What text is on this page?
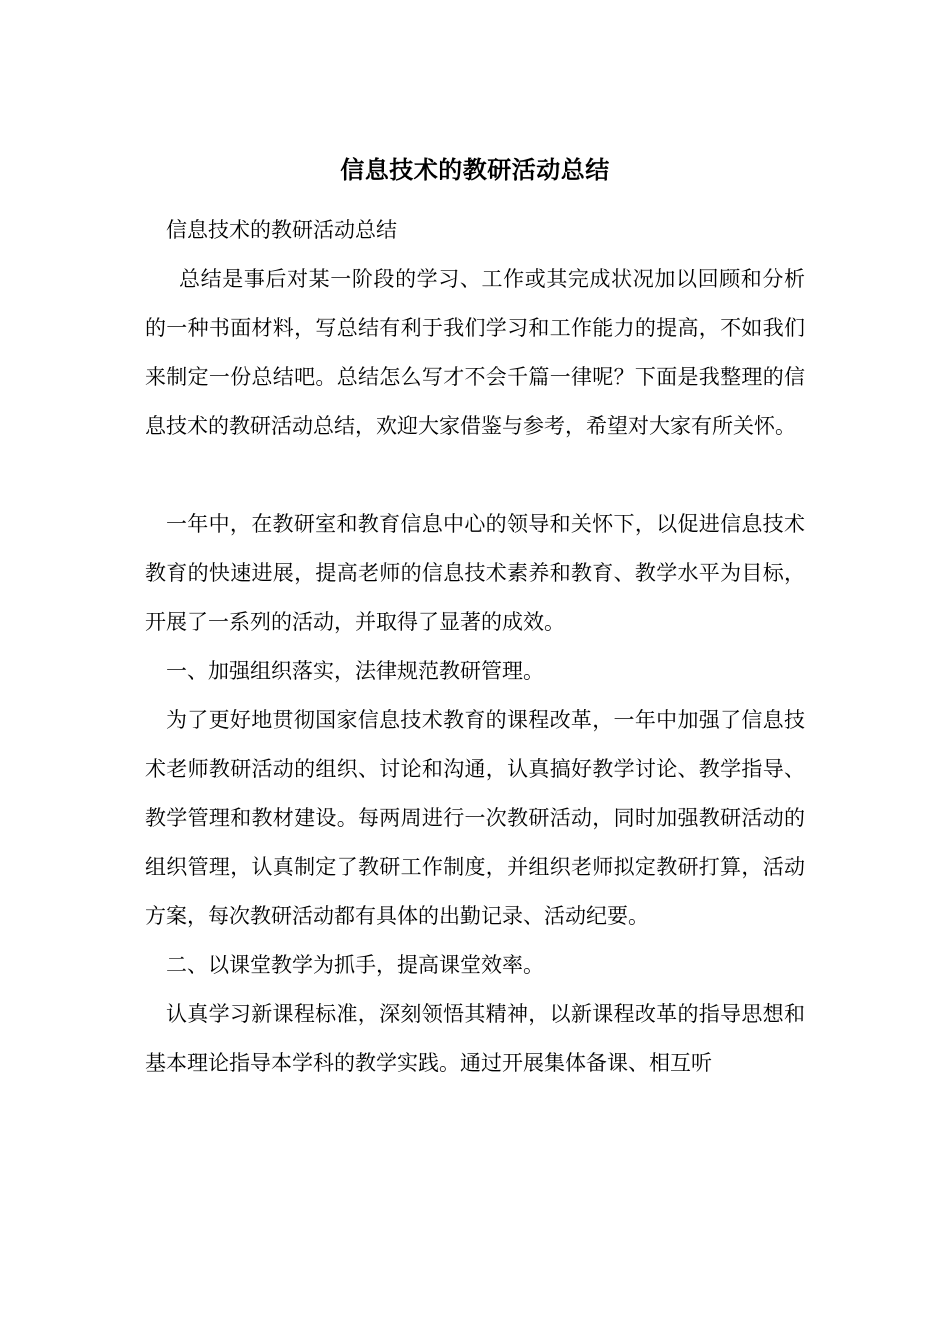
信息技术的教研活动总结

信息技术的教研活动总结

总结是事后对某一阶段的学习、工作或其完成状况加以回顾和分析的一种书面材料，写总结有利于我们学习和工作能力的提高，不如我们来制定一份总结吧。总结怎么写才不会千篇一律呢？下面是我整理的信息技术的教研活动总结，欢迎大家借鉴与参考，希望对大家有所关怀。

一年中，在教研室和教育信息中心的领导和关怀下，以促进信息技术教育的快速进展，提高老师的信息技术素养和教育、教学水平为目标，开展了一系列的活动，并取得了显著的成效。

一、加强组织落实，法律规范教研管理。

为了更好地贯彻国家信息技术教育的课程改革，一年中加强了信息技术老师教研活动的组织、讨论和沟通，认真搞好教学讨论、教学指导、教学管理和教材建设。每两周进行一次教研活动，同时加强教研活动的组织管理，认真制定了教研工作制度，并组织老师拟定教研打算，活动方案，每次教研活动都有具体的出勤记录、活动纪要。

二、以课堂教学为抓手，提高课堂效率。

认真学习新课程标准，深刻领悟其精神，以新课程改革的指导思想和基本理论指导本学科的教学实践。通过开展集体备课、相互听
